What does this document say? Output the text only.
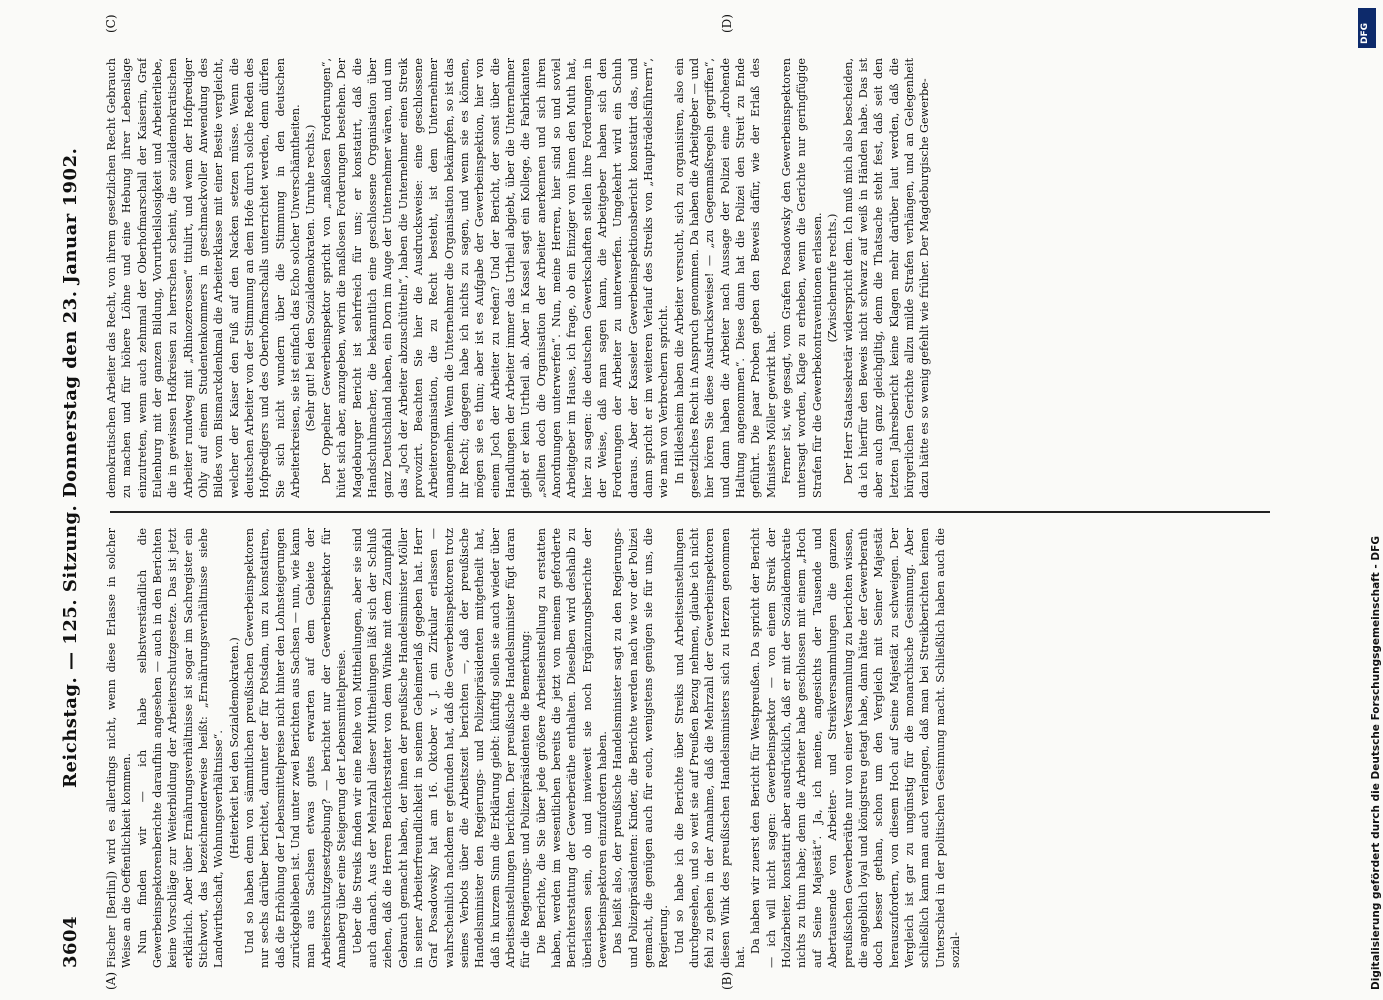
3604
Reichstag. — 125. Sitzung. Donnerstag den 23. Januar 1902.
(A)	(B)
(C)	(D)

Fischer [Berlin]) wird es allerdings nicht, wenn diese Erlasse in solcher Weise an die Oeffentlichkeit kommen. Nun finden wir — ich habe selbstverständlich die Gewerbeinspektorenberichte daraufhin angesehen — auch in den Berichten keine Vorschläge zur Weiterbildung der Arbeiterschutzgesetze. Das ist jetzt erklärlich. Aber über Ernährungsverhältnisse ist sogar im Sachregister ein Stichwort, das bezeichnenderweise heißt: „Ernährungsverhältnisse siehe Landwirthschaft, Wohnungsverhältnisse“. (Heiterkeit bei den Sozialdemokraten.) Und so haben denn von sämmtlichen preußischen Gewerbeinspektoren nur sechs darüber berichtet, darunter der für Potsdam, um zu konstatiren, daß die Erhöhung der Lebensmittelpreise nicht hinter den Lohnsteigerungen zurückgeblieben ist. Und unter zwei Berichten aus Sachsen — nun, wie kann man aus Sachsen etwas gutes erwarten auf dem Gebiete der Arbeiterschutzgesetzgebung? — berichtet nur der Gewerbeinspektor für Annaberg über eine Steigerung der Lebensmittelpreise. Ueber die Streiks finden wir eine Reihe von Mittheilungen, aber sie sind auch danach. Aus der Mehrzahl dieser Mittheilungen läßt sich der Schluß ziehen, daß die Herren Berichterstatter von dem Winke mit dem Zaunpfahl Gebrauch gemacht haben, der ihnen der preußische Handelsminister Möller in seiner Arbeiterfreundlichkeit in seinem Geheimerlaß gegeben hat. Herr Graf Posadowsky hat am 16. Oktober v. J. ein Zirkular erlassen — wahrscheinlich nachdem er gefunden hat, daß die Gewerbeinspektoren trotz seines Verbots über die Arbeitszeit berichten —, daß der preußische Handelsminister den Regierungs- und Polizeipräsidenten mitgetheilt hat, daß in kurzem Sinn die Erklärung giebt: künftig sollen sie auch wieder über Arbeitseinstellungen berichten. Der preußische Handelsminister fügt daran für die Regierungs- und Polizeipräsidenten die Bemerkung: Die Berichte, die Sie über jede größere Arbeitseinstellung zu erstatten haben, werden im wesentlichen bereits die jetzt von meinem geforderte Berichterstattung der Gewerberäthe enthalten. Dieselben wird deshalb zu überlassen sein, ob und inwieweit sie noch Ergänzungsberichte der Gewerbeinspektoren einzufordern haben. Das heißt also, der preußische Handelsminister sagt zu den Regierungs- und Polizeipräsidenten: Kinder, die Berichte werden nach wie vor der Polizei gemacht, die genügen auch für euch, wenigstens genügen sie für uns, die Regierung. Und so habe ich die Berichte über Streiks und Arbeitseinstellungen durchgesehen, und so weit sie auf Preußen Bezug nehmen, glaube ich nicht fehl zu gehen in der Annahme, daß die Mehrzahl der Gewerbeinspektoren diesen Wink des preußischen Handelsministers sich zu Herzen genommen hat.

Da haben wir zuerst den Bericht für Westpreußen. Da spricht der Bericht — ich will nicht sagen: Gewerbeinspektor — von einem Streik der Holzarbeiter, konstatirt aber ausdrücklich, daß er mit der Sozialdemokratie nichts zu thun habe; denn die Arbeiter habe geschlossen mit einem „Hoch auf Seine Majestät“. Ja, ich meine, angesichts der Tausende und Abertausende von Arbeiter- und Streikversammlungen die ganzen preußischen Gewerberäthe nur von einer Versammlung zu berichten wissen, die angeblich loyal und königstreu getagt habe, dann hätte der Gewerberath doch besser gethan, schon um den Vergleich mit Seiner Majestät herauszufordern, von diesem Hoch auf Seine Majestät zu schweigen. Der Vergleich ist gar zu ungünstig für die monarchische Gesinnung. Aber schließlich kann man auch verlangen, daß man bei Streikberichten keinen Unterschied in der politischen Gesinnung macht. Schließlich haben auch die sozial-

demokratischen Arbeiter das Recht, von ihrem gesetzlichen Recht Gebrauch zu machen und für höhere Löhne und eine Hebung ihrer Lebenslage einzutreten, wenn auch zehnmal der Oberhofmarschall der Kaiserin, Graf Eulenburg mit der ganzen Bildung, Vorurtheilslosigkeit und Arbeiterliebe, die in gewissen Hofkreisen zu herrschen scheint, die sozialdemokratischen Arbeiter rundweg mit „Rhinozerossen“ titulirt, und wenn der Hofprediger Ohly auf einem Studentenkommers in geschmackvoller Anwendung des Bildes vom Bismarckdenkmal die Arbeiterklasse mit einer Bestie vergleicht, welcher der Kaiser den Fuß auf den Nacken setzen müsse. Wenn die deutschen Arbeiter von der Stimmung an dem Hofe durch solche Reden des Hofpredigers und des Oberhofmarschalls unterrichtet werden, denn dürfen Sie sich nicht wundern über die Stimmung in den deutschen Arbeiterkreisen, sie ist einfach das Echo solcher Unverschämtheiten. (Sehr gut! bei den Sozialdemokraten. Unruhe rechts.) Der Oppelner Gewerbeinspektor spricht von „maßlosen Forderungen“, hütet sich aber, anzugeben, worin die maßlosen Forderungen bestehen. Der Magdeburger Bericht ist sehrfreich für uns; er konstatirt, daß die Handschuhmacher, die bekanntlich eine geschlossene Organisation über ganz Deutschland haben, ein Dorn im Auge der Unternehmer wären, und um das „Joch der Arbeiter abzuschütteln“, haben die Unternehmer einen Streik provozirt. Beachten Sie hier die Ausdrucksweise: eine geschlossene Arbeiterorganisation, die zu Recht besteht, ist dem Unternehmer unangenehm. Wenn die Unternehmer die Organisation bekämpfen, so ist das ihr Recht; dagegen habe ich nichts zu sagen, und wenn sie es können, mögen sie es thun; aber ist es Aufgabe der Gewerbeinspektion, hier von einem Joch der Arbeiter zu reden? Und der Bericht, der sonst über die Handlungen der Arbeiter immer das Urtheil abgiebt, über die Unternehmer giebt er kein Urtheil ab. Aber in Kassel sagt ein Kollege, die Fabrikanten „sollten doch die Organisation der Arbeiter anerkennen und sich ihren Anordnungen unterwerfen“. Nun, meine Herren, hier sind so und soviel Arbeitgeber im Hause, ich frage, ob ein Einziger von ihnen den Muth hat, hier zu sagen: die deutschen Gewerkschaften stellen ihre Forderungen in der Weise, daß man sagen kann, die Arbeitgeber haben sich den Forderungen der Arbeiter zu unterwerfen. Umgekehrt wird ein Schuh daraus. Aber der Kasseler Gewerbeinspektionsbericht konstatirt das, und dann spricht er im weiteren Verlauf des Streiks von „Haupträdelsführern“, wie man von Verbrechern spricht. In Hildesheim haben die Arbeiter versucht, sich zu organisiren, also ein gesetzliches Recht in Anspruch genommen. Da haben die Arbeitgeber — und hier hören Sie diese Ausdrucksweise! — „zu Gegenmaßregeln gegriffen“, und dann haben die Arbeiter nach Aussage der Polizei eine „drohende Haltung angenommen“. Diese dann hat die Polizei den Streit zu Ende geführt. Die paar Proben geben den Beweis dafür, wie der Erlaß des Ministers Möller gewirkt hat. Ferner ist, wie gesagt, vom Grafen Posadowsky den Gewerbeinspektoren untersagt worden, Klage zu erheben, wenn die Gerichte nur geringfügige Strafen für die Gewerbekontraventionen erlassen. (Zwischenrufe rechts.) Der Herr Staatssekretär widerspricht dem. Ich muß mich also bescheiden, da ich hierfür den Beweis nicht schwarz auf weiß in Händen habe. Das ist aber auch ganz gleichgiltig, denn die Thatsache steht fest, daß seit den letzten Jahresbericht keine Klagen mehr darüber laut werden, daß die bürgerlichen Gerichte allzu milde Strafen verhängen, und an Gelegenheit dazu hätte es so wenig gefehlt wie früher. Der Magdeburgische Gewerbe-

DFG
Digitalisierung gefördert durch die Deutsche Forschungsgemeinschaft - DFG
